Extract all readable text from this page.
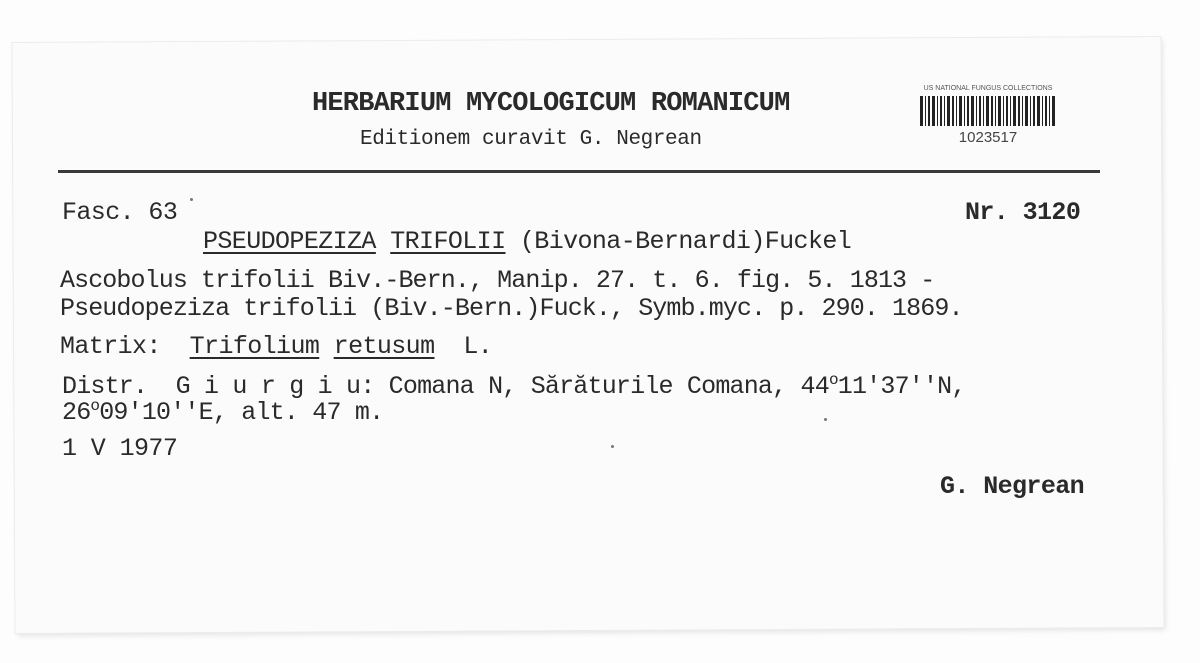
HERBARIUM MYCOLOGICUM ROMANICUM
Editionem curavit G. Negrean
US NATIONAL FUNGUS COLLECTIONS
1023517
Fasc. 63	Nr. 3120
PSEUDOPEZIZA TRIFOLII (Bivona-Bernardi)Fuckel
Ascobolus trifolii Biv.-Bern., Manip. 27. t. 6. fig. 5. 1813 -
Pseudopeziza trifolii (Biv.-Bern.)Fuck., Symb.myc. p. 290. 1869.
Matrix: Trifolium retusum L.
Distr. G i u r g i u: Comana N, Sărăturile Comana, 44$^o$11'37''N,
26$^o$09'10''E, alt. 47 m.
1 V 1977
G. Negrean
